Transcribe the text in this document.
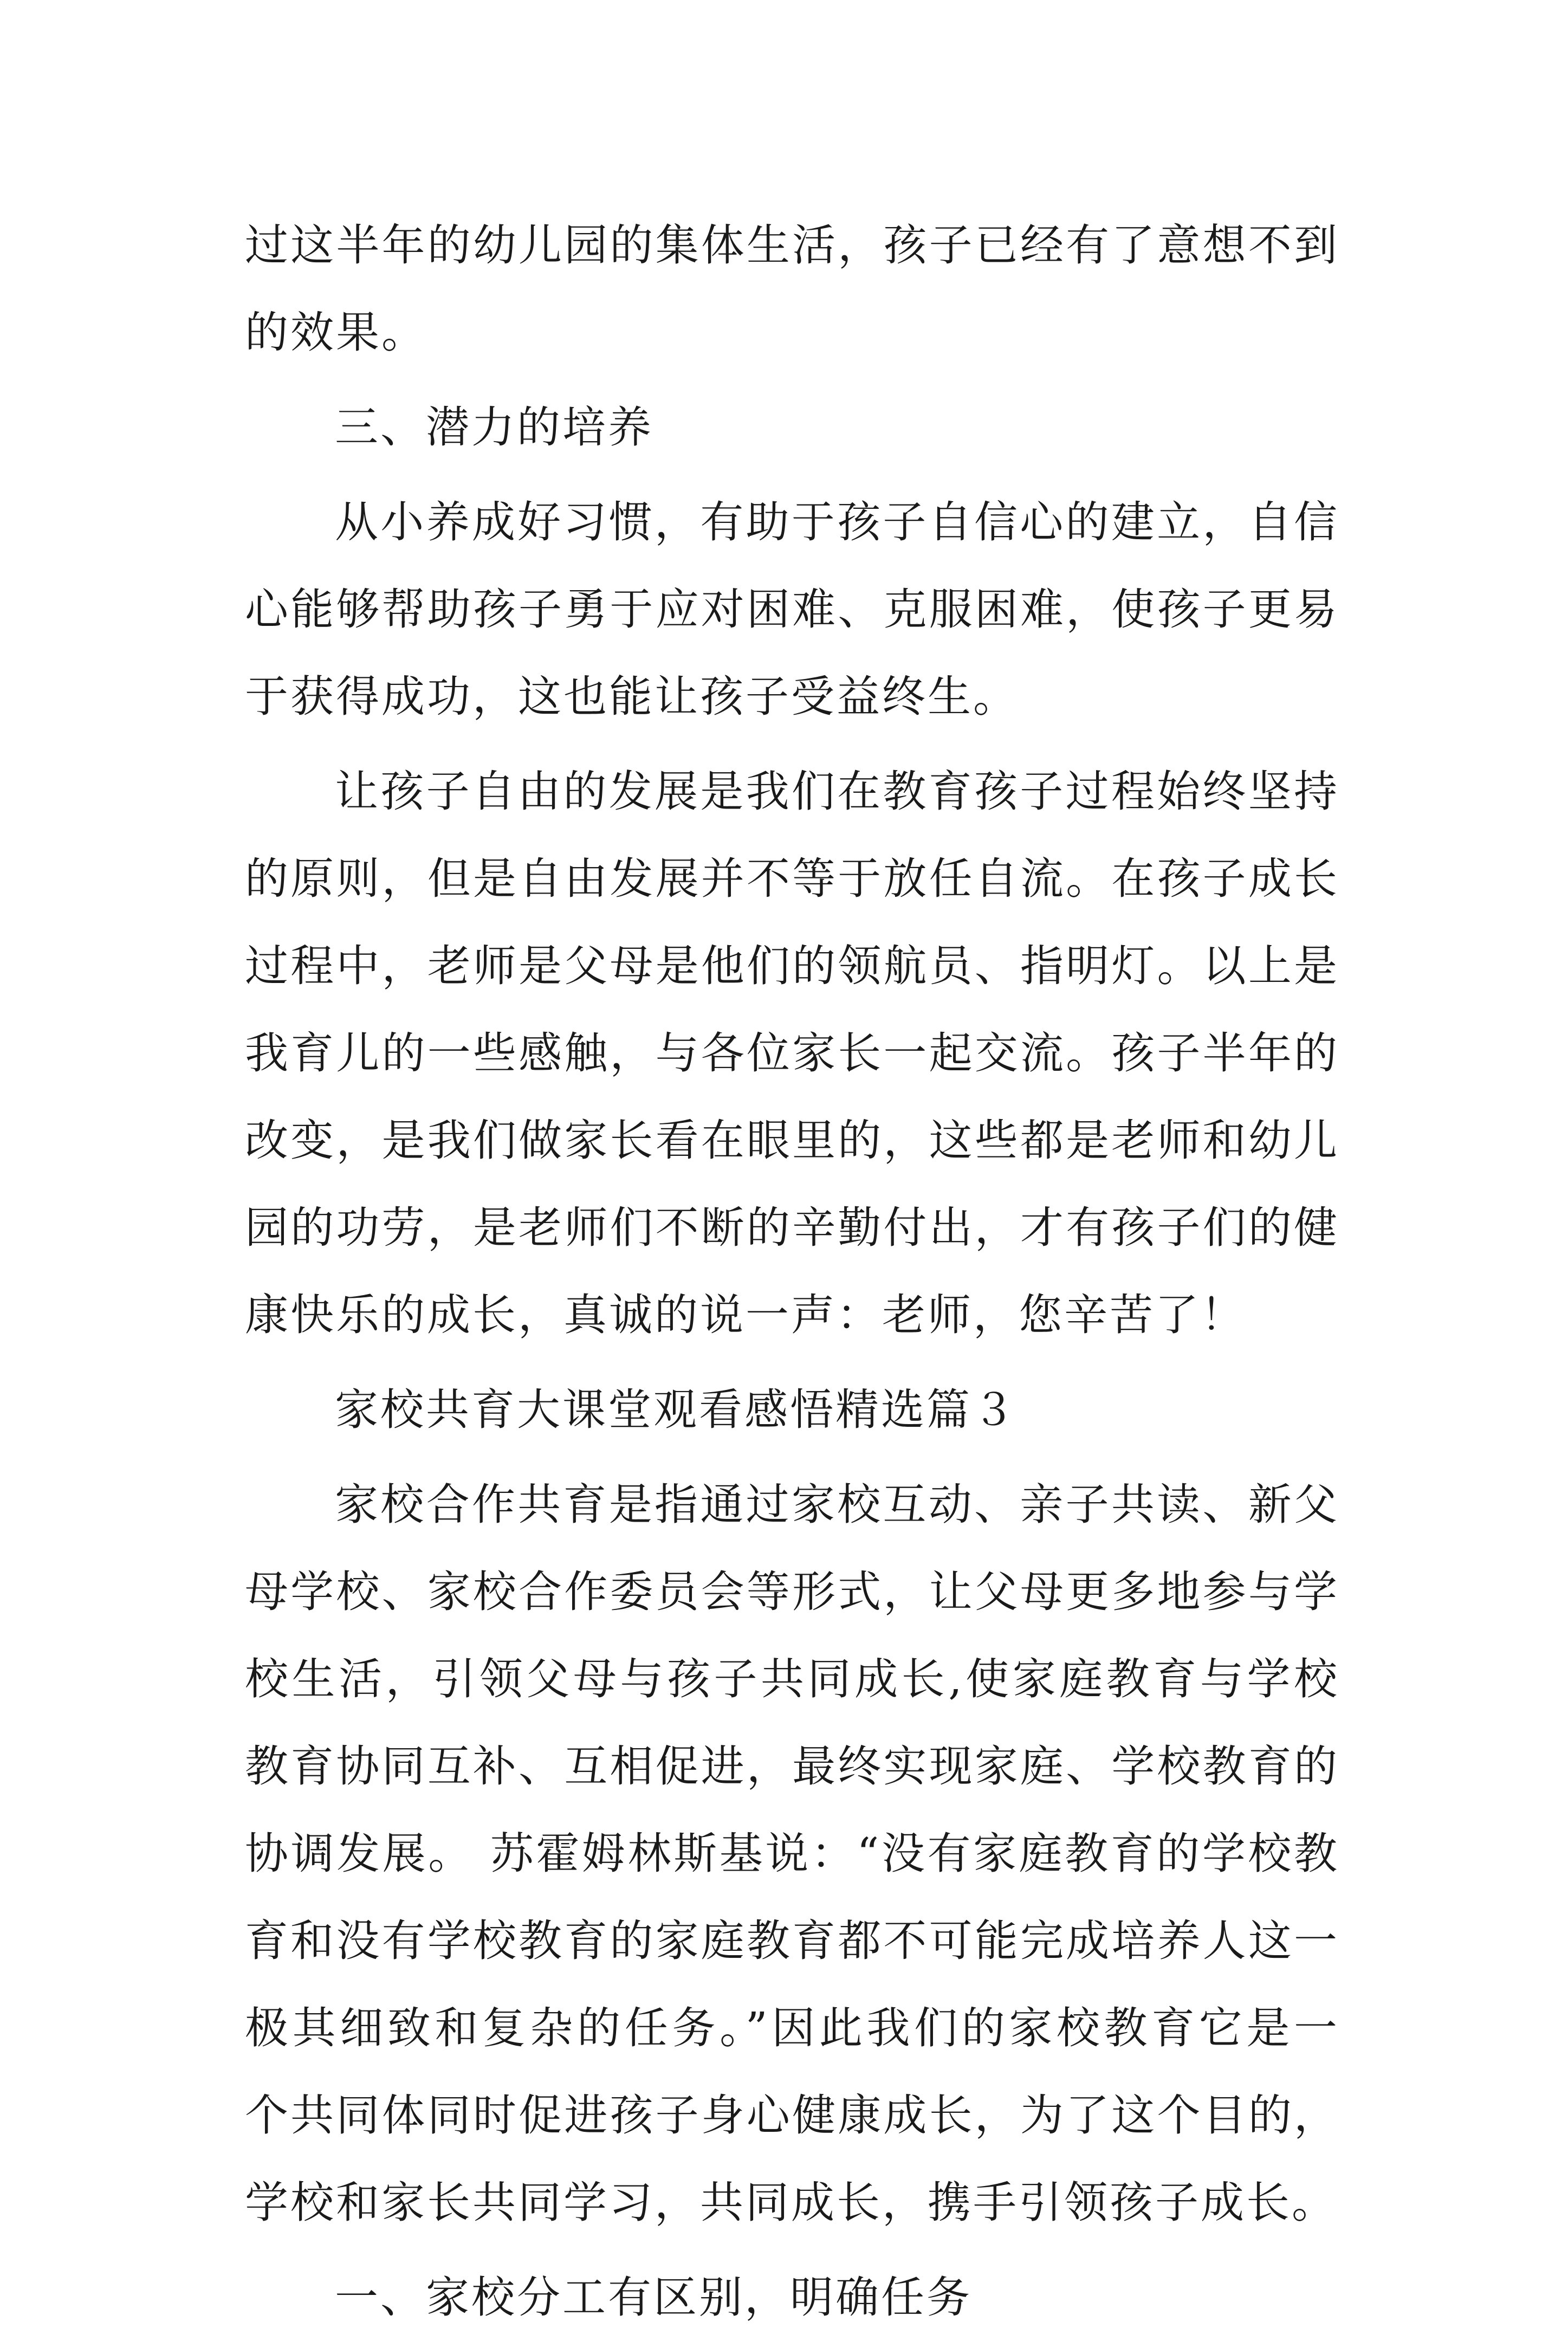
过这半年的幼儿园的集体生活，孩子已经有了意想不到的效果。

三、潜力的培养

从小养成好习惯，有助于孩子自信心的建立，自信心能够帮助孩子勇于应对困难、克服困难，使孩子更易于获得成功，这也能让孩子受益终生。

让孩子自由的发展是我们在教育孩子过程始终坚持的原则，但是自由发展并不等于放任自流。在孩子成长过程中，老师是父母是他们的领航员、指明灯。以上是我育儿的一些感触，与各位家长一起交流。孩子半年的改变，是我们做家长看在眼里的，这些都是老师和幼儿园的功劳，是老师们不断的辛勤付出，才有孩子们的健康快乐的成长，真诚的说一声：老师，您辛苦了！

家校共育大课堂观看感悟精选篇３

家校合作共育是指通过家校互动、亲子共读、新父母学校、家校合作委员会等形式，让父母更多地参与学校生活，引领父母与孩子共同成长,使家庭教育与学校教育协同互补、互相促进，最终实现家庭、学校教育的协调发展。 苏霍姆林斯基说：“没有家庭教育的学校教育和没有学校教育的家庭教育都不可能完成培养人这一极其细致和复杂的任务。”因此我们的家校教育它是一个共同体同时促进孩子身心健康成长，为了这个目的，学校和家长共同学习，共同成长，携手引领孩子成长。

一、家校分工有区别，明确任务
